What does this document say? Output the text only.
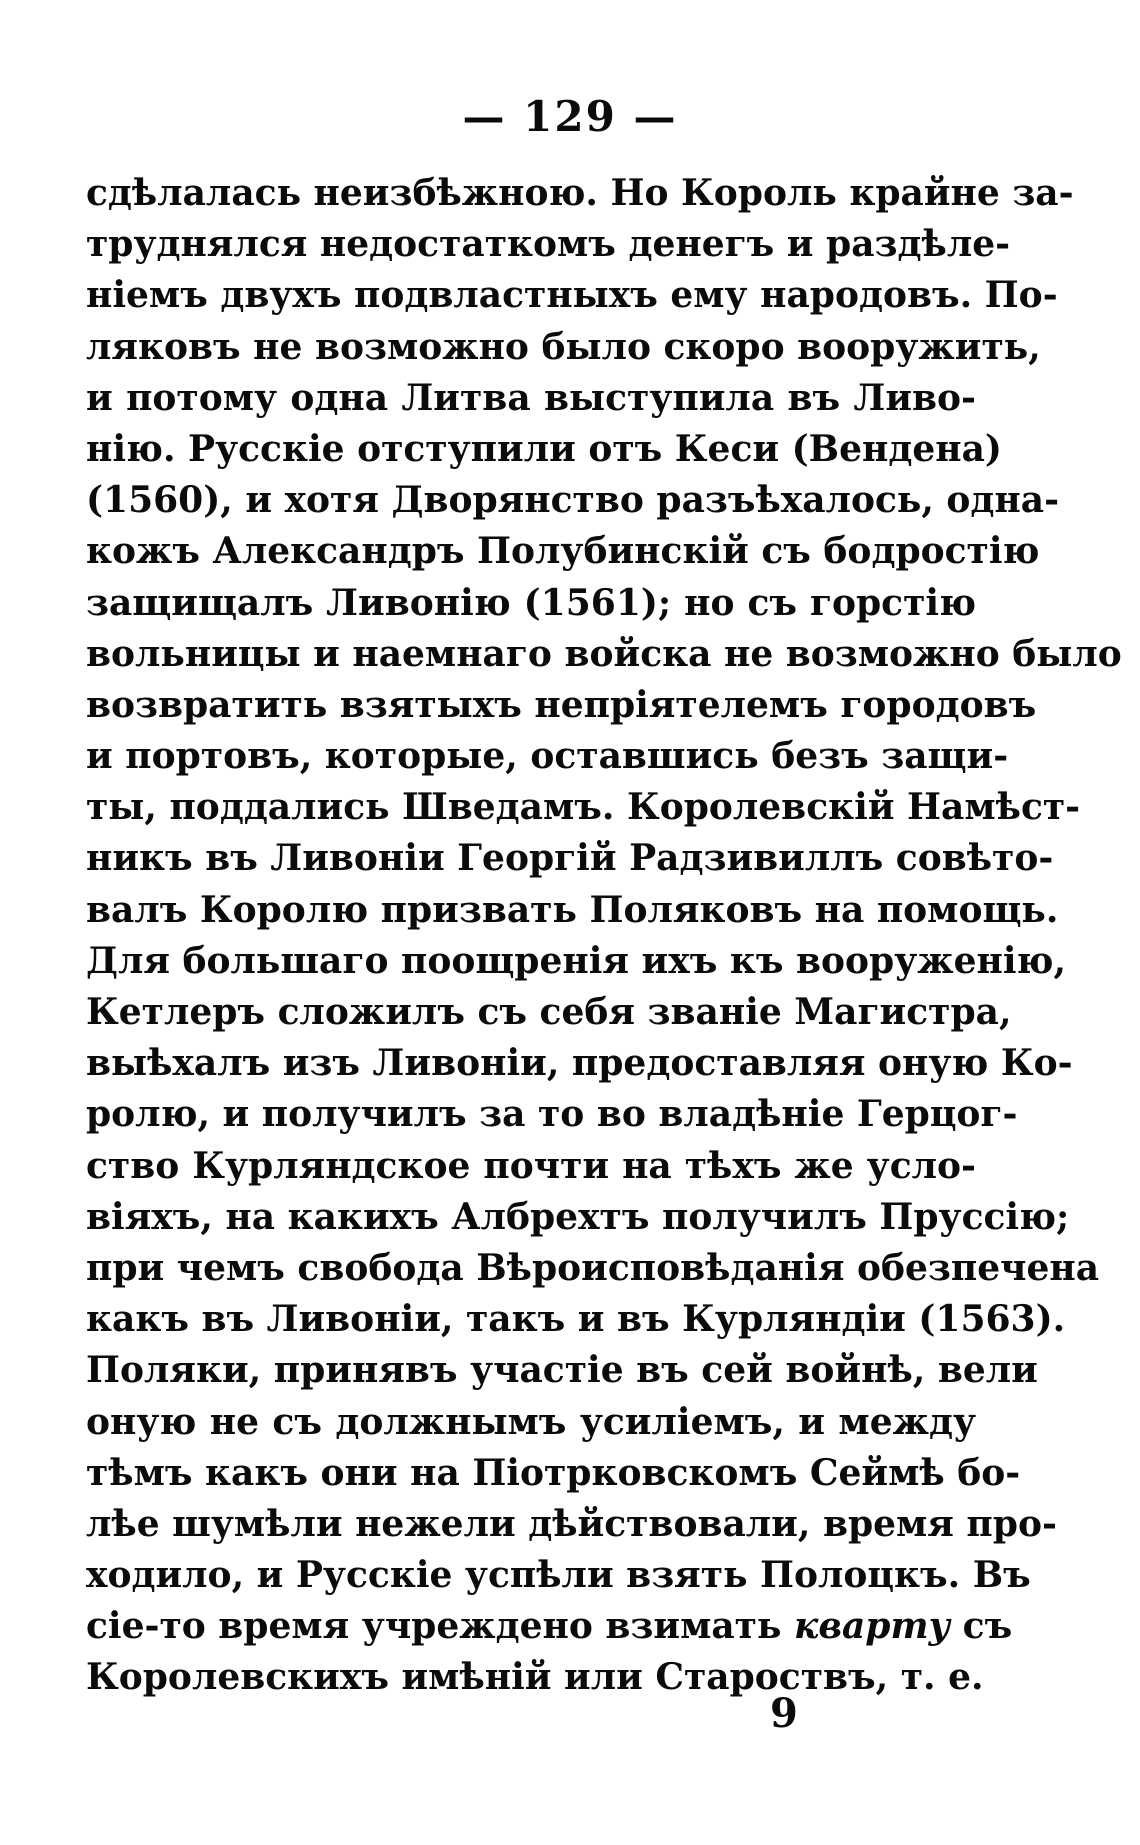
— 129 —
сдѣлалась неизбѣжною. Но Король крайне за-
труднялся недостаткомъ денегъ и раздѣле-
ніемъ двухъ подвластныхъ ему народовъ. По-
ляковъ не возможно было скоро вооружить,
и потому одна Литва выступила въ Ливо-
нію. Русскіе отступили отъ Кеси (Вендена)
(1560), и хотя Дворянство разъѣхалось, одна-
кожъ Александръ Полубинскій съ бодростію
защищалъ Ливонію (1561); но съ горстію
вольницы и наемнаго войска не возможно было
возвратить взятыхъ непріятелемъ городовъ
и портовъ, которые, оставшись безъ защи-
ты, поддались Шведамъ. Королевскій Намѣст-
никъ въ Ливоніи Георгій Радзивиллъ совѣто-
валъ Королю призвать Поляковъ на помощь.
Для большаго поощренія ихъ къ вооруженію,
Кетлеръ сложилъ съ себя званіе Магистра,
выѣхалъ изъ Ливоніи, предоставляя оную Ко-
ролю, и получилъ за то во владѣніе Герцог-
ство Курляндское почти на тѣхъ же усло-
віяхъ, на какихъ Албрехтъ получилъ Пруссію;
при чемъ свобода Вѣроисповѣданія обезпечена
какъ въ Ливоніи, такъ и въ Курляндіи (1563).
Поляки, принявъ участіе въ сей войнѣ, вели
оную не съ должнымъ усиліемъ, и между
тѣмъ какъ они на Піотрковскомъ Сеймѣ бо-
лѣе шумѣли нежели дѣйствовали, время про-
ходило, и Русскіе успѣли взять Полоцкъ. Въ
сіе-то время учреждено взимать кварту съ
Королевскихъ имѣній или Староствъ, т. е.
9
